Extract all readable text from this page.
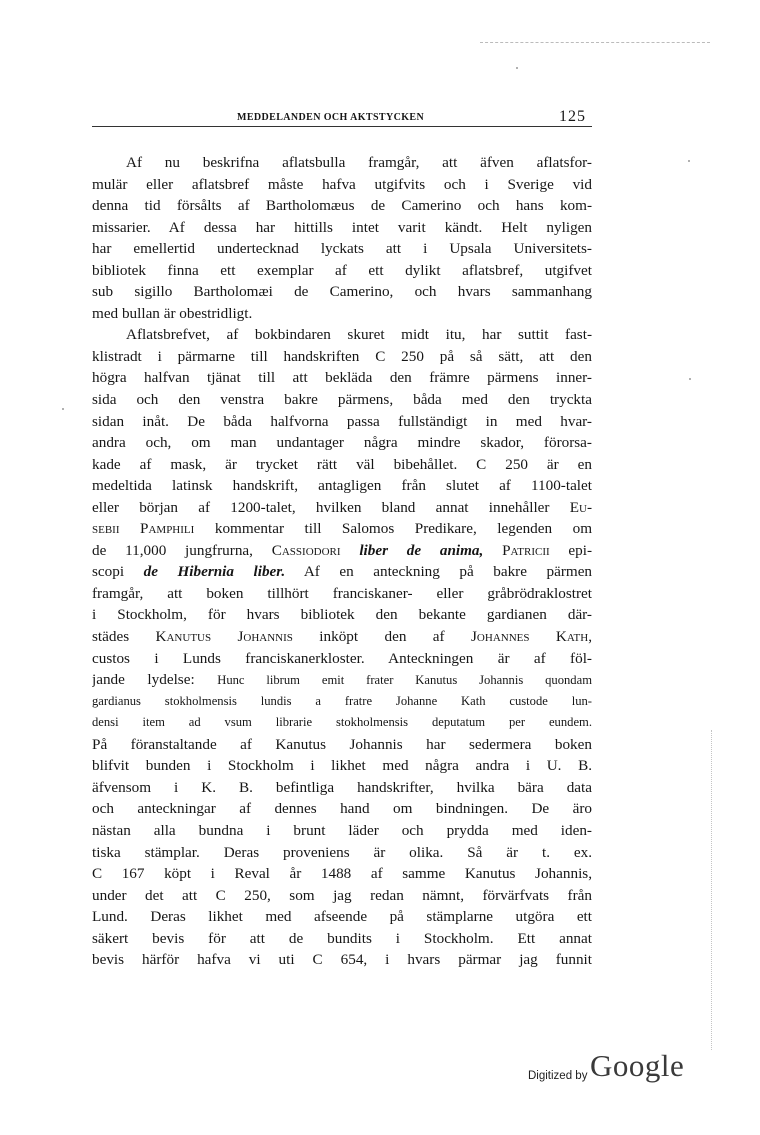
MEDDELANDEN OCH AKTSTYCKEN	125
Af nu beskrifna aflatsbulla framgår, att äfven aflatsfor-
mulär eller aflatsbref måste hafva utgifvits och i Sverige vid
denna tid försålts af Bartholomæus de Camerino och hans kom-
missarier. Af dessa har hittills intet varit kändt. Helt nyligen
har emellertid undertecknad lyckats att i Upsala Universitets-
bibliotek finna ett exemplar af ett dylikt aflatsbref, utgifvet
sub sigillo Bartholomæi de Camerino, och hvars sammanhang
med bullan är obestridligt.
Aflatsbrefvet, af bokbindaren skuret midt itu, har suttit fast-
klistradt i pärmarne till handskriften C 250 på så sätt, att den
högra halfvan tjänat till att bekläda den främre pärmens inner-
sida och den venstra bakre pärmens, båda med den tryckta
sidan inåt. De båda halfvorna passa fullständigt in med hvar-
andra och, om man undantager några mindre skador, förorsa-
kade af mask, är trycket rätt väl bibehållet. C 250 är en
medeltida latinsk handskrift, antagligen från slutet af 1100-talet
eller början af 1200-talet, hvilken bland annat innehåller Eu-
sebii Pamphili kommentar till Salomos Predikare, legenden om
de 11,000 jungfrurna, Cassiodori liber de anima, Patricii epi-
scopi de Hibernia liber. Af en anteckning på bakre pärmen
framgår, att boken tillhört franciskaner- eller gråbrödraklostret
i Stockholm, för hvars bibliotek den bekante gardianen där-
städes Kanutus Johannis inköpt den af Johannes Kath,
custos i Lunds franciskanerkloster. Anteckningen är af föl-
jande lydelse: Hunc librum emit frater Kanutus Johannis quondam
gardianus stokholmensis lundis a fratre Johanne Kath custode lun-
densi item ad vsum librarie stokholmensis deputatum per eundem.
På föranstaltande af Kanutus Johannis har sedermera boken
blifvit bunden i Stockholm i likhet med några andra i U. B.
äfvensom i K. B. befintliga handskrifter, hvilka bära data
och anteckningar af dennes hand om bindningen. De äro
nästan alla bundna i brunt läder och prydda med iden-
tiska stämplar. Deras proveniens är olika. Så är t. ex.
C 167 köpt i Reval år 1488 af samme Kanutus Johannis,
under det att C 250, som jag redan nämnt, förvärfvats från
Lund. Deras likhet med afseende på stämplarne utgöra ett
säkert bevis för att de bundits i Stockholm. Ett annat
bevis härför hafva vi uti C 654, i hvars pärmar jag funnit
Digitized by Google
